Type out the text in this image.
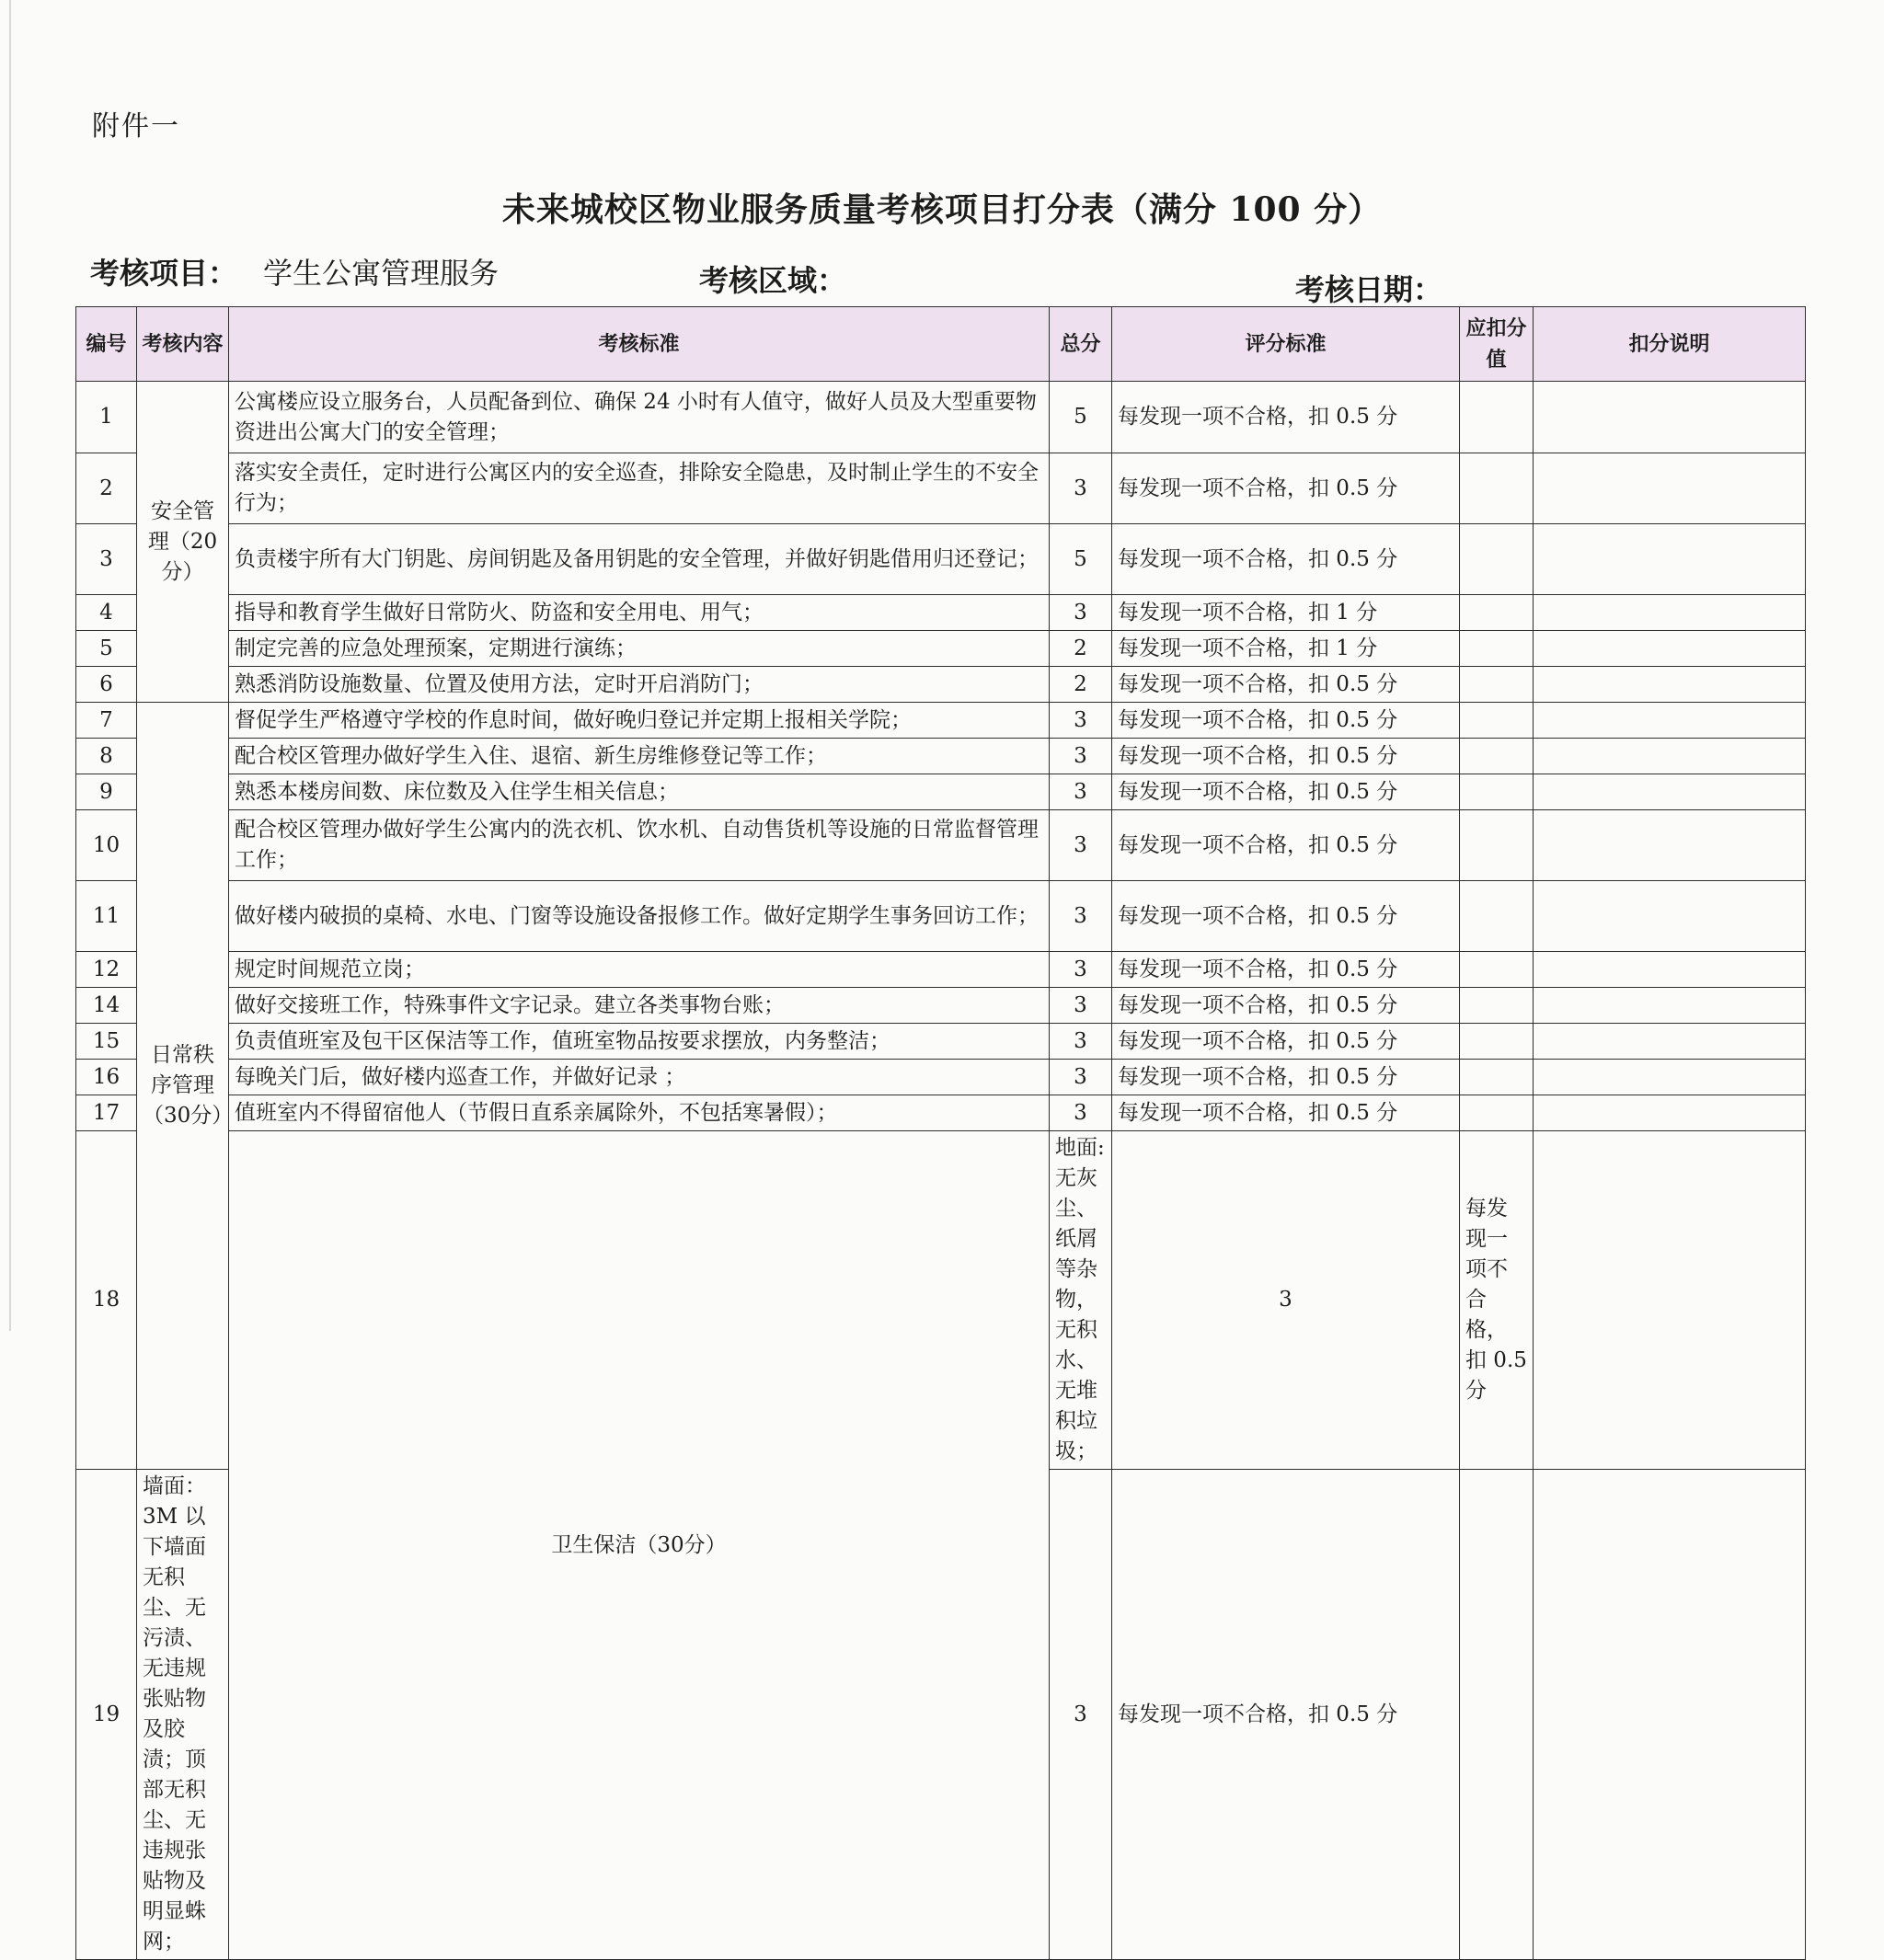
附件一
未来城校区物业服务质量考核项目打分表（满分 100 分）
考核项目： 学生公寓管理服务	考核区域：	考核日期：
编号	考核内容	考核标准	总分	评分标准	应扣分值	扣分说明	
1	安全管理（20分）	公寓楼应设立服务台，人员配备到位、确保 24 小时有人值守，做好人员及大型重要物资进出公寓大门的安全管理；	5	每发现一项不合格，扣 0.5 分			
2		落实安全责任，定时进行公寓区内的安全巡查，排除安全隐患，及时制止学生的不安全行为；	3	每发现一项不合格，扣 0.5 分			
3		负责楼宇所有大门钥匙、房间钥匙及备用钥匙的安全管理，并做好钥匙借用归还登记；	5	每发现一项不合格，扣 0.5 分			
4		指导和教育学生做好日常防火、防盗和安全用电、用气；	3	每发现一项不合格，扣 1 分			
5		制定完善的应急处理预案，定期进行演练；	2	每发现一项不合格，扣 1 分			
6		熟悉消防设施数量、位置及使用方法，定时开启消防门；	2	每发现一项不合格，扣 0.5 分			
7	日常秩序管理（30分）	督促学生严格遵守学校的作息时间，做好晚归登记并定期上报相关学院；	3	每发现一项不合格，扣 0.5 分			
8		配合校区管理办做好学生入住、退宿、新生房维修登记等工作；	3	每发现一项不合格，扣 0.5 分			
9		熟悉本楼房间数、床位数及入住学生相关信息；	3	每发现一项不合格，扣 0.5 分			
10		配合校区管理办做好学生公寓内的洗衣机、饮水机、自动售货机等设施的日常监督管理工作；	3	每发现一项不合格，扣 0.5 分			
11		做好楼内破损的桌椅、水电、门窗等设施设备报修工作。做好定期学生事务回访工作；	3	每发现一项不合格，扣 0.5 分			
12		规定时间规范立岗；	3	每发现一项不合格，扣 0.5 分			
14		做好交接班工作，特殊事件文字记录。建立各类事物台账；	3	每发现一项不合格，扣 0.5 分			
15		负责值班室及包干区保洁等工作，值班室物品按要求摆放，内务整洁；	3	每发现一项不合格，扣 0.5 分			
16		每晚关门后，做好楼内巡查工作，并做好记录 ；	3	每发现一项不合格，扣 0.5 分			
17		值班室内不得留宿他人（节假日直系亲属除外，不包括寒暑假）；	3	每发现一项不合格，扣 0.5 分			
18		卫生保洁（30分）	地面:无灰尘、纸屑等杂物，无积水、无堆积垃圾；	3	每发现一项不合格，扣 0.5 分		
19	墙面： 3M 以下墙面无积尘、无污渍、无违规张贴物及胶渍；顶部无积尘、无违规张贴物及明显蛛网；		3	每发现一项不合格，扣 0.5 分			
